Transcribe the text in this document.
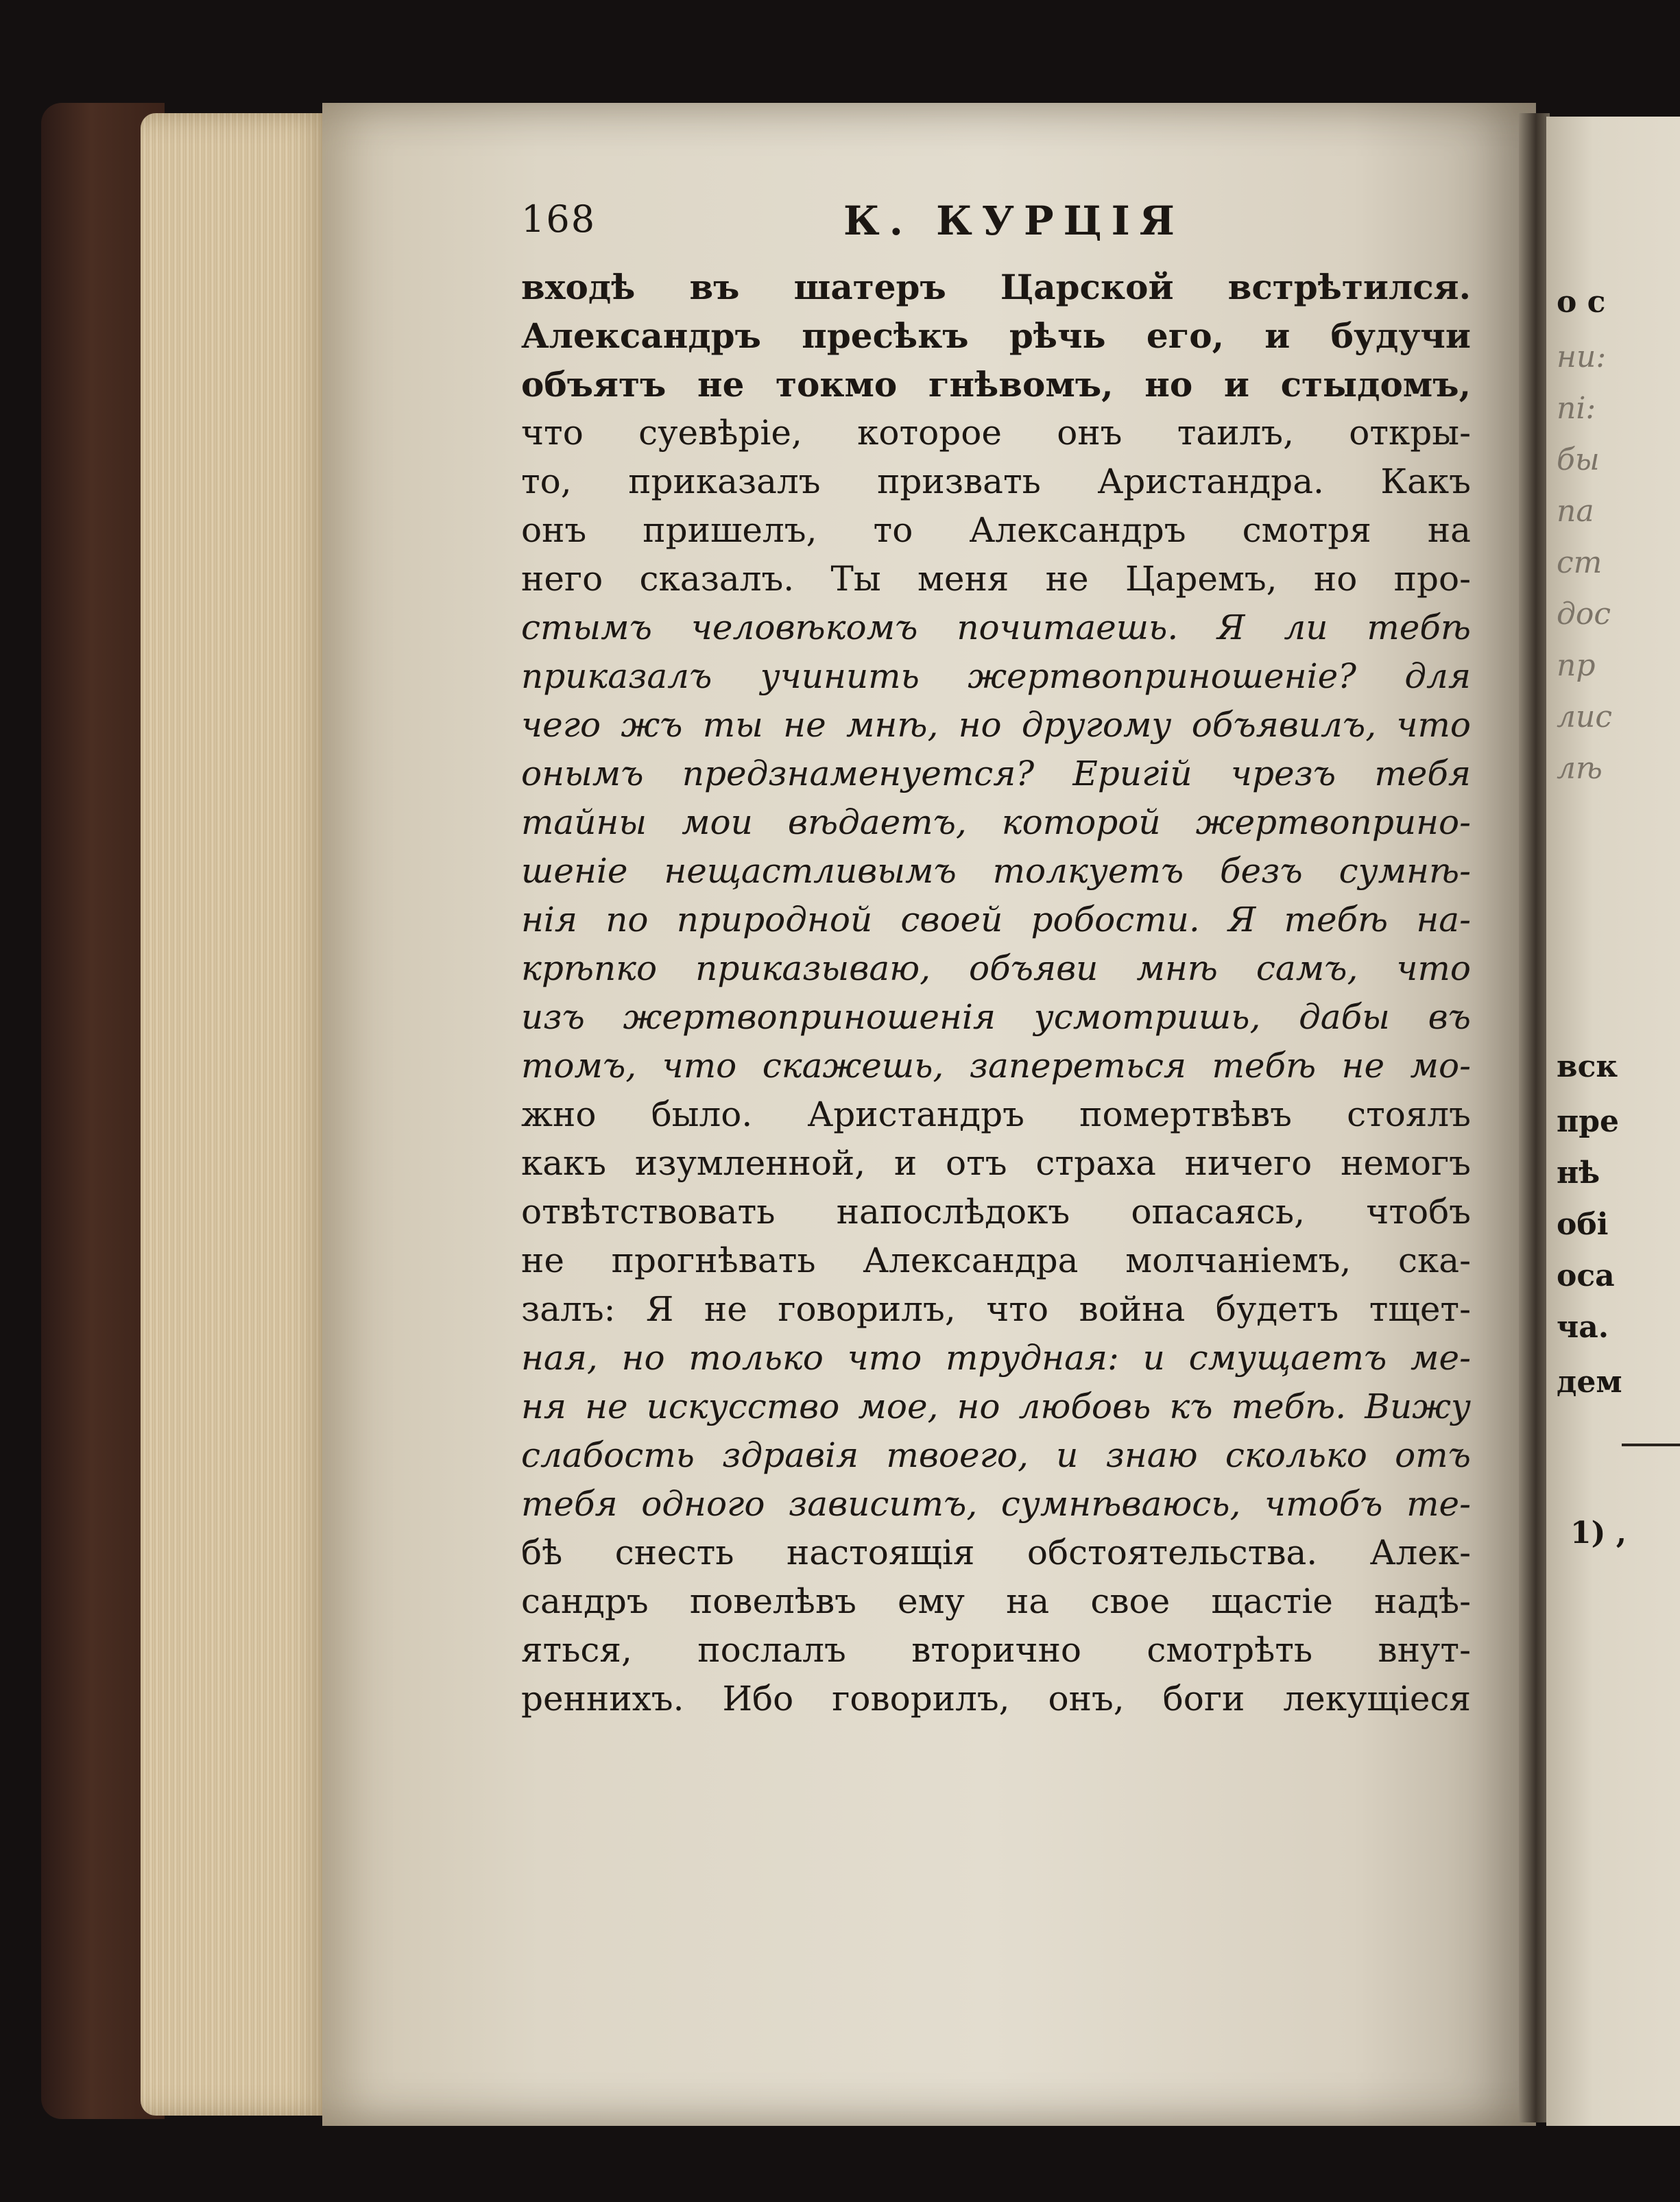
о с
ни:
пі:
бы
па
ст
дос
пр
лис
лѣ
вск
пре
нѣ
обі
оса
ча.
дем
1) ,
168	К. КУРЦІЯ
входѣ въ шатеръ Царской встрѣтился.
Александръ пресѣкъ рѣчь его, и будучи
объятъ не токмо гнѣвомъ, но и стыдомъ,
что суевѣріе, которое онъ таилъ, откры-
то, приказалъ призвать Аристандра. Какъ
онъ пришелъ, то Александръ смотря на
него сказалъ. Ты меня не Царемъ, но про-
стымъ человѣкомъ почитаешь. Я ли тебѣ
приказалъ учинить жертвоприношеніе? для
чего жъ ты не мнѣ, но другому объявилъ, что
онымъ предзнаменуется? Еригій чрезъ тебя
тайны мои вѣдаетъ, которой жертвоприно-
шеніе нещастливымъ толкуетъ безъ сумнѣ-
нія по природной своей робости. Я тебѣ на-
крѣпко приказываю, объяви мнѣ самъ, что
изъ жертвоприношенія усмотришь, дабы въ
томъ, что скажешь, запереться тебѣ не мо-
жно было. Аристандръ помертвѣвъ стоялъ
какъ изумленной, и отъ страха ничего немогъ
отвѣтствовать напослѣдокъ опасаясь, чтобъ
не прогнѣвать Александра молчаніемъ, ска-
залъ: Я не говорилъ, что война будетъ тщет-
ная, но только что трудная: и смущаетъ ме-
ня не искусство мое, но любовь къ тебѣ. Вижу
слабость здравія твоего, и знаю сколько отъ
тебя одного зависитъ, сумнѣваюсь, чтобъ те-
бѣ снесть настоящія обстоятельства. Алек-
сандръ повелѣвъ ему на свое щастіе надѣ-
яться, послалъ вторично смотрѣть внут-
реннихъ. Ибо говорилъ, онъ, боги лекущіеся
